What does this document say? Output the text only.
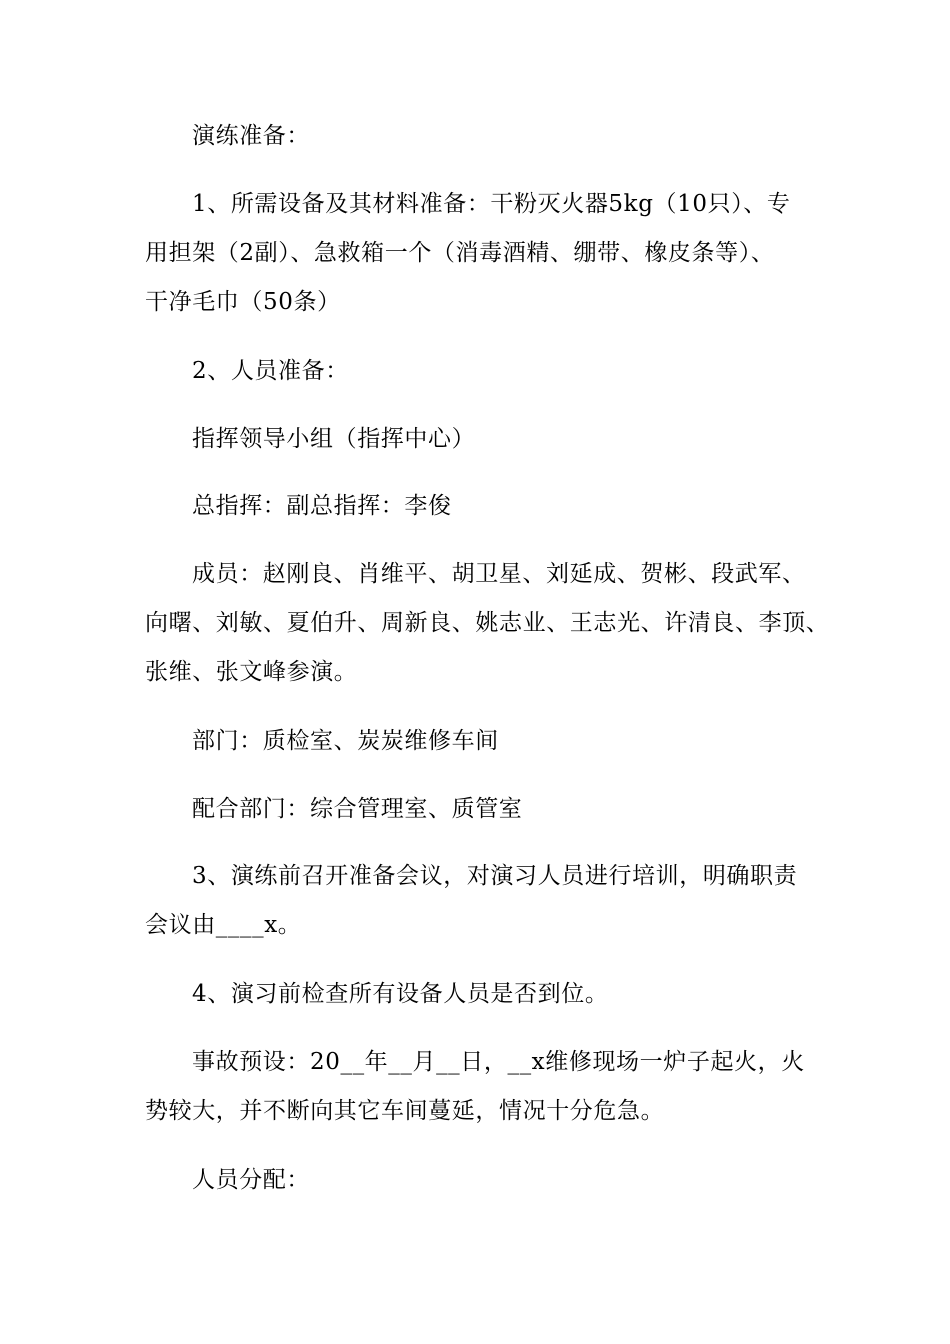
演练准备：
1、所需设备及其材料准备：干粉灭火器5kg（10只）、专
用担架（2副）、急救箱一个（消毒酒精、绷带、橡皮条等）、
干净毛巾（50条）
2、人员准备：
指挥领导小组（指挥中心）
总指挥：副总指挥：李俊
成员：赵刚良、肖维平、胡卫星、刘延成、贺彬、段武军、
向曙、刘敏、夏伯升、周新良、姚志业、王志光、许清良、李顶、
张维、张文峰参演。
部门：质检室、炭炭维修车间
配合部门：综合管理室、质管室
3、演练前召开准备会议，对演习人员进行培训，明确职责
会议由____x。
4、演习前检查所有设备人员是否到位。
事故预设：20__年__月__日，__x维修现场一炉子起火，火
势较大，并不断向其它车间蔓延，情况十分危急。
人员分配：
